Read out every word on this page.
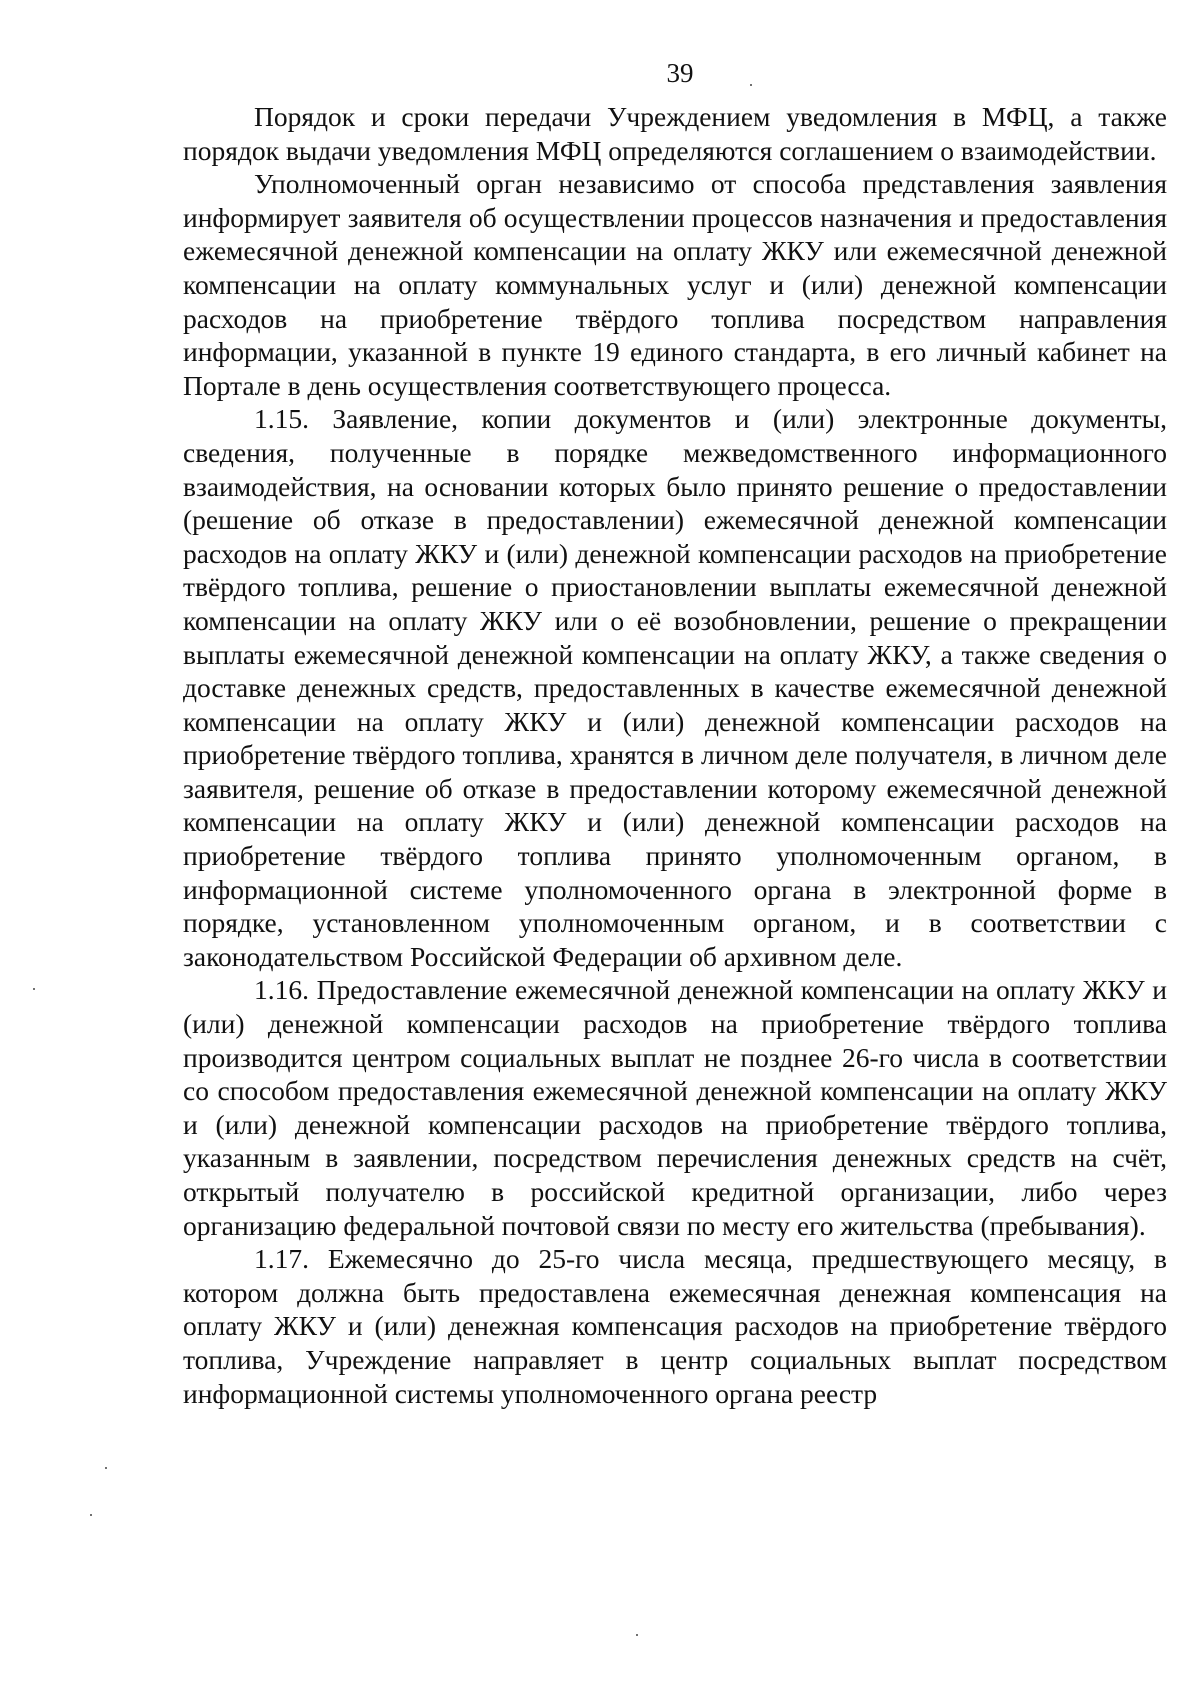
39

Порядок и сроки передачи Учреждением уведомления в МФЦ, а также порядок выдачи уведомления МФЦ определяются соглашением о взаимодействии.

Уполномоченный орган независимо от способа представления заявления информирует заявителя об осуществлении процессов назначения и предоставления ежемесячной денежной компенсации на оплату ЖКУ или ежемесячной денежной компенсации на оплату коммунальных услуг и (или) денежной компенсации расходов на приобретение твёрдого топлива посредством направления информации, указанной в пункте 19 единого стандарта, в его личный кабинет на Портале в день осуществления соответствующего процесса.

1.15. Заявление, копии документов и (или) электронные документы, сведения, полученные в порядке межведомственного информационного взаимодействия, на основании которых было принято решение о предоставлении (решение об отказе в предоставлении) ежемесячной денежной компенсации расходов на оплату ЖКУ и (или) денежной компенсации расходов на приобретение твёрдого топлива, решение о приостановлении выплаты ежемесячной денежной компенсации на оплату ЖКУ или о её возобновлении, решение о прекращении выплаты ежемесячной денежной компенсации на оплату ЖКУ, а также сведения о доставке денежных средств, предоставленных в качестве ежемесячной денежной компенсации на оплату ЖКУ и (или) денежной компенсации расходов на приобретение твёрдого топлива, хранятся в личном деле получателя, в личном деле заявителя, решение об отказе в предоставлении которому ежемесячной денежной компенсации на оплату ЖКУ и (или) денежной компенсации расходов на приобретение твёрдого топлива принято уполномоченным органом, в информационной системе уполномоченного органа в электронной форме в порядке, установленном уполномоченным органом, и в соответствии с законодательством Российской Федерации об архивном деле.

1.16. Предоставление ежемесячной денежной компенсации на оплату ЖКУ и (или) денежной компенсации расходов на приобретение твёрдого топлива производится центром социальных выплат не позднее 26-го числа в соответствии со способом предоставления ежемесячной денежной компенсации на оплату ЖКУ и (или) денежной компенсации расходов на приобретение твёрдого топлива, указанным в заявлении, посредством перечисления денежных средств на счёт, открытый получателю в российской кредитной организации, либо через организацию федеральной почтовой связи по месту его жительства (пребывания).

1.17. Ежемесячно до 25-го числа месяца, предшествующего месяцу, в котором должна быть предоставлена ежемесячная денежная компенсация на оплату ЖКУ и (или) денежная компенсация расходов на приобретение твёрдого топлива, Учреждение направляет в центр социальных выплат посредством информационной системы уполномоченного органа реестр
